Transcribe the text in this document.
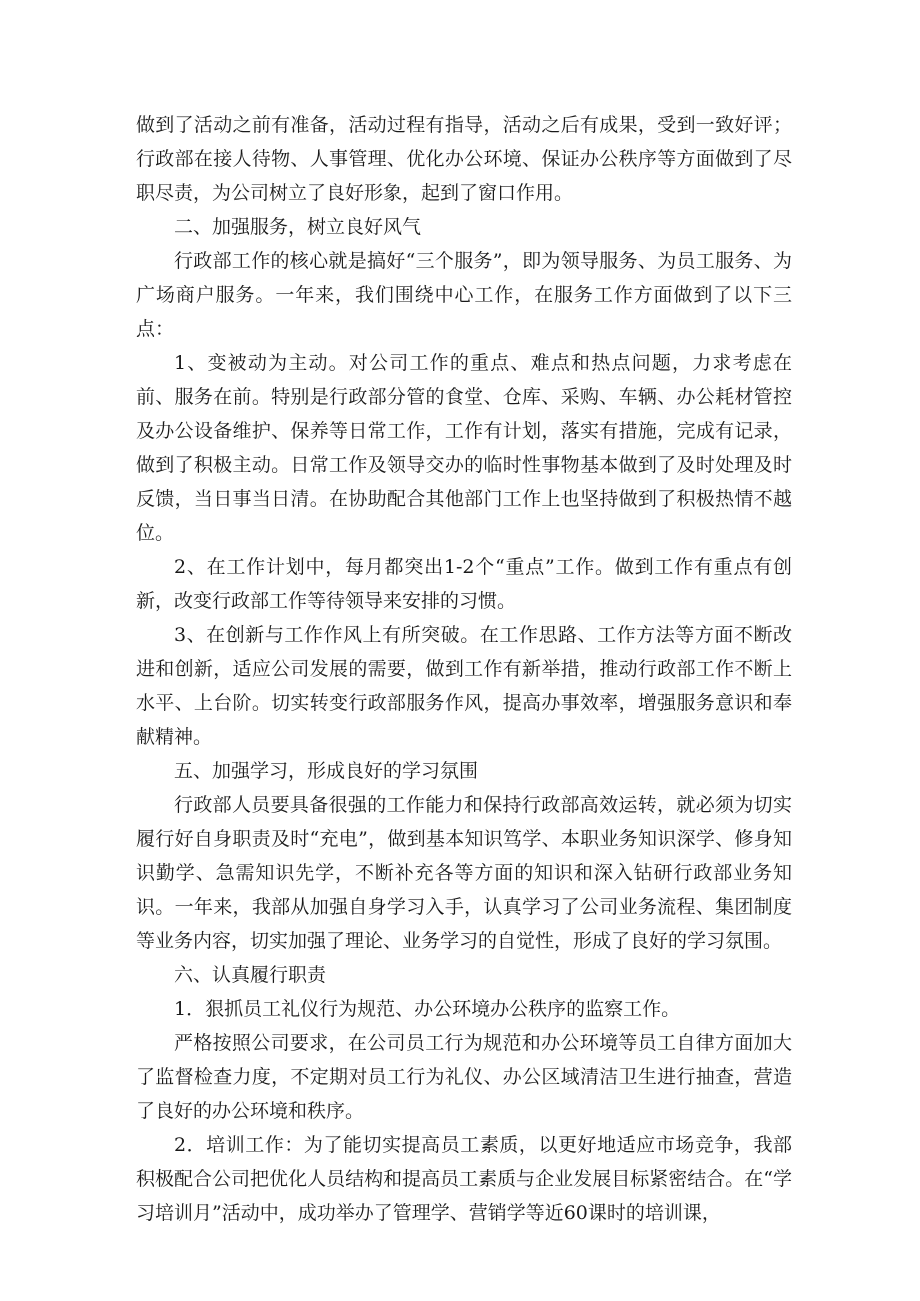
做到了活动之前有准备，活动过程有指导，活动之后有成果，受到一致好评；行政部在接人待物、人事管理、优化办公环境、保证办公秩序等方面做到了尽职尽责，为公司树立了良好形象，起到了窗口作用。

二、加强服务，树立良好风气

行政部工作的核心就是搞好“三个服务”，即为领导服务、为员工服务、为广场商户服务。一年来，我们围绕中心工作，在服务工作方面做到了以下三点：

1、变被动为主动。对公司工作的重点、难点和热点问题，力求考虑在前、服务在前。特别是行政部分管的食堂、仓库、采购、车辆、办公耗材管控及办公设备维护、保养等日常工作，工作有计划，落实有措施，完成有记录，做到了积极主动。日常工作及领导交办的临时性事物基本做到了及时处理及时反馈，当日事当日清。在协助配合其他部门工作上也坚持做到了积极热情不越位。

2、在工作计划中，每月都突出1-2个“重点”工作。做到工作有重点有创新，改变行政部工作等待领导来安排的习惯。

3、在创新与工作作风上有所突破。在工作思路、工作方法等方面不断改进和创新，适应公司发展的需要，做到工作有新举措，推动行政部工作不断上水平、上台阶。切实转变行政部服务作风，提高办事效率，增强服务意识和奉献精神。

五、加强学习，形成良好的学习氛围

行政部人员要具备很强的工作能力和保持行政部高效运转，就必须为切实履行好自身职责及时“充电”，做到基本知识笃学、本职业务知识深学、修身知识勤学、急需知识先学，不断补充各等方面的知识和深入钻研行政部业务知识。一年来，我部从加强自身学习入手，认真学习了公司业务流程、集团制度等业务内容，切实加强了理论、业务学习的自觉性，形成了良好的学习氛围。

六、认真履行职责

1．狠抓员工礼仪行为规范、办公环境办公秩序的监察工作。

严格按照公司要求，在公司员工行为规范和办公环境等员工自律方面加大了监督检查力度，不定期对员工行为礼仪、办公区域清洁卫生进行抽查，营造了良好的办公环境和秩序。

2．培训工作：为了能切实提高员工素质，以更好地适应市场竞争，我部积极配合公司把优化人员结构和提高员工素质与企业发展目标紧密结合。在“学习培训月”活动中，成功举办了管理学、营销学等近60课时的培训课，
